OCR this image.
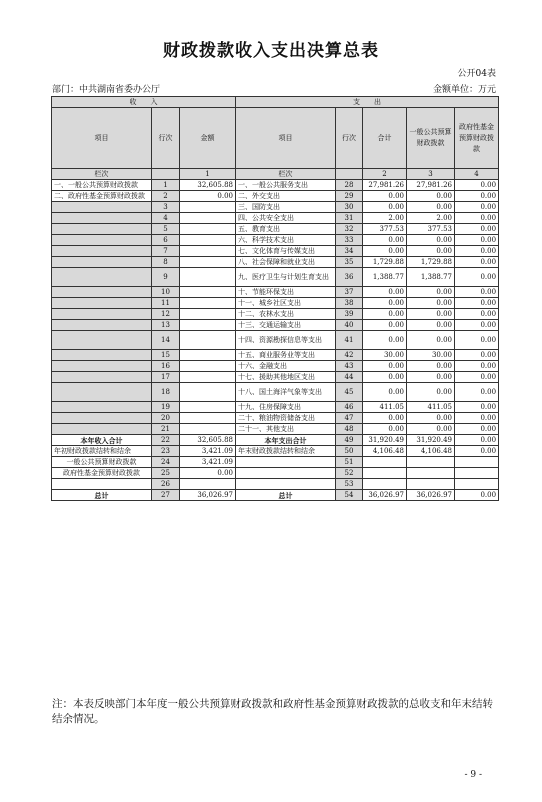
财政拨款收入支出决算总表
公开04表
部门：中共湖南省委办公厅	金额单位：万元
收　　入			支　　出				
项目	行次	金额	项目	行次	合计	一般公共预算财政拨款	政府性基金预算财政拨款
栏次		1	栏次		2	3	4
一、一般公共预算财政拨款	1	32,605.88	一、一般公共服务支出	28	27,981.26	27,981.26	0.00
二、政府性基金预算财政拨款	2	0.00	二、外交支出	29	0.00	0.00	0.00
	3		三、国防支出	30	0.00	0.00	0.00
	4		四、公共安全支出	31	2.00	2.00	0.00
	5		五、教育支出	32	377.53	377.53	0.00
	6		六、科学技术支出	33	0.00	0.00	0.00
	7		七、文化体育与传媒支出	34	0.00	0.00	0.00
	8		八、社会保障和就业支出	35	1,729.88	1,729.88	0.00
	9		九、医疗卫生与计划生育支出	36	1,388.77	1,388.77	0.00
	10		十、节能环保支出	37	0.00	0.00	0.00
	11		十一、城乡社区支出	38	0.00	0.00	0.00
	12		十二、农林水支出	39	0.00	0.00	0.00
	13		十三、交通运输支出	40	0.00	0.00	0.00
	14		十四、资源勘探信息等支出	41	0.00	0.00	0.00
	15		十五、商业服务业等支出	42	30.00	30.00	0.00
	16		十六、金融支出	43	0.00	0.00	0.00
	17		十七、援助其他地区支出	44	0.00	0.00	0.00
	18		十八、国土海洋气象等支出	45	0.00	0.00	0.00
	19		十九、住房保障支出	46	411.05	411.05	0.00
	20		二十、粮油物资储备支出	47	0.00	0.00	0.00
	21		二十一、其他支出	48	0.00	0.00	0.00
本年收入合计	22	32,605.88	本年支出合计	49	31,920.49	31,920.49	0.00
年初财政拨款结转和结余	23	3,421.09	年末财政拨款结转和结余	50	4,106.48	4,106.48	0.00
一般公共预算财政拨款	24	3,421.09		51			
政府性基金预算财政拨款	25	0.00		52			
	26			53			
总计	27	36,026.97	总计	54	36,026.97	36,026.97	0.00
注：本表反映部门本年度一般公共预算财政拨款和政府性基金预算财政拨款的总收支和年末结转结余情况。
- 9 -
